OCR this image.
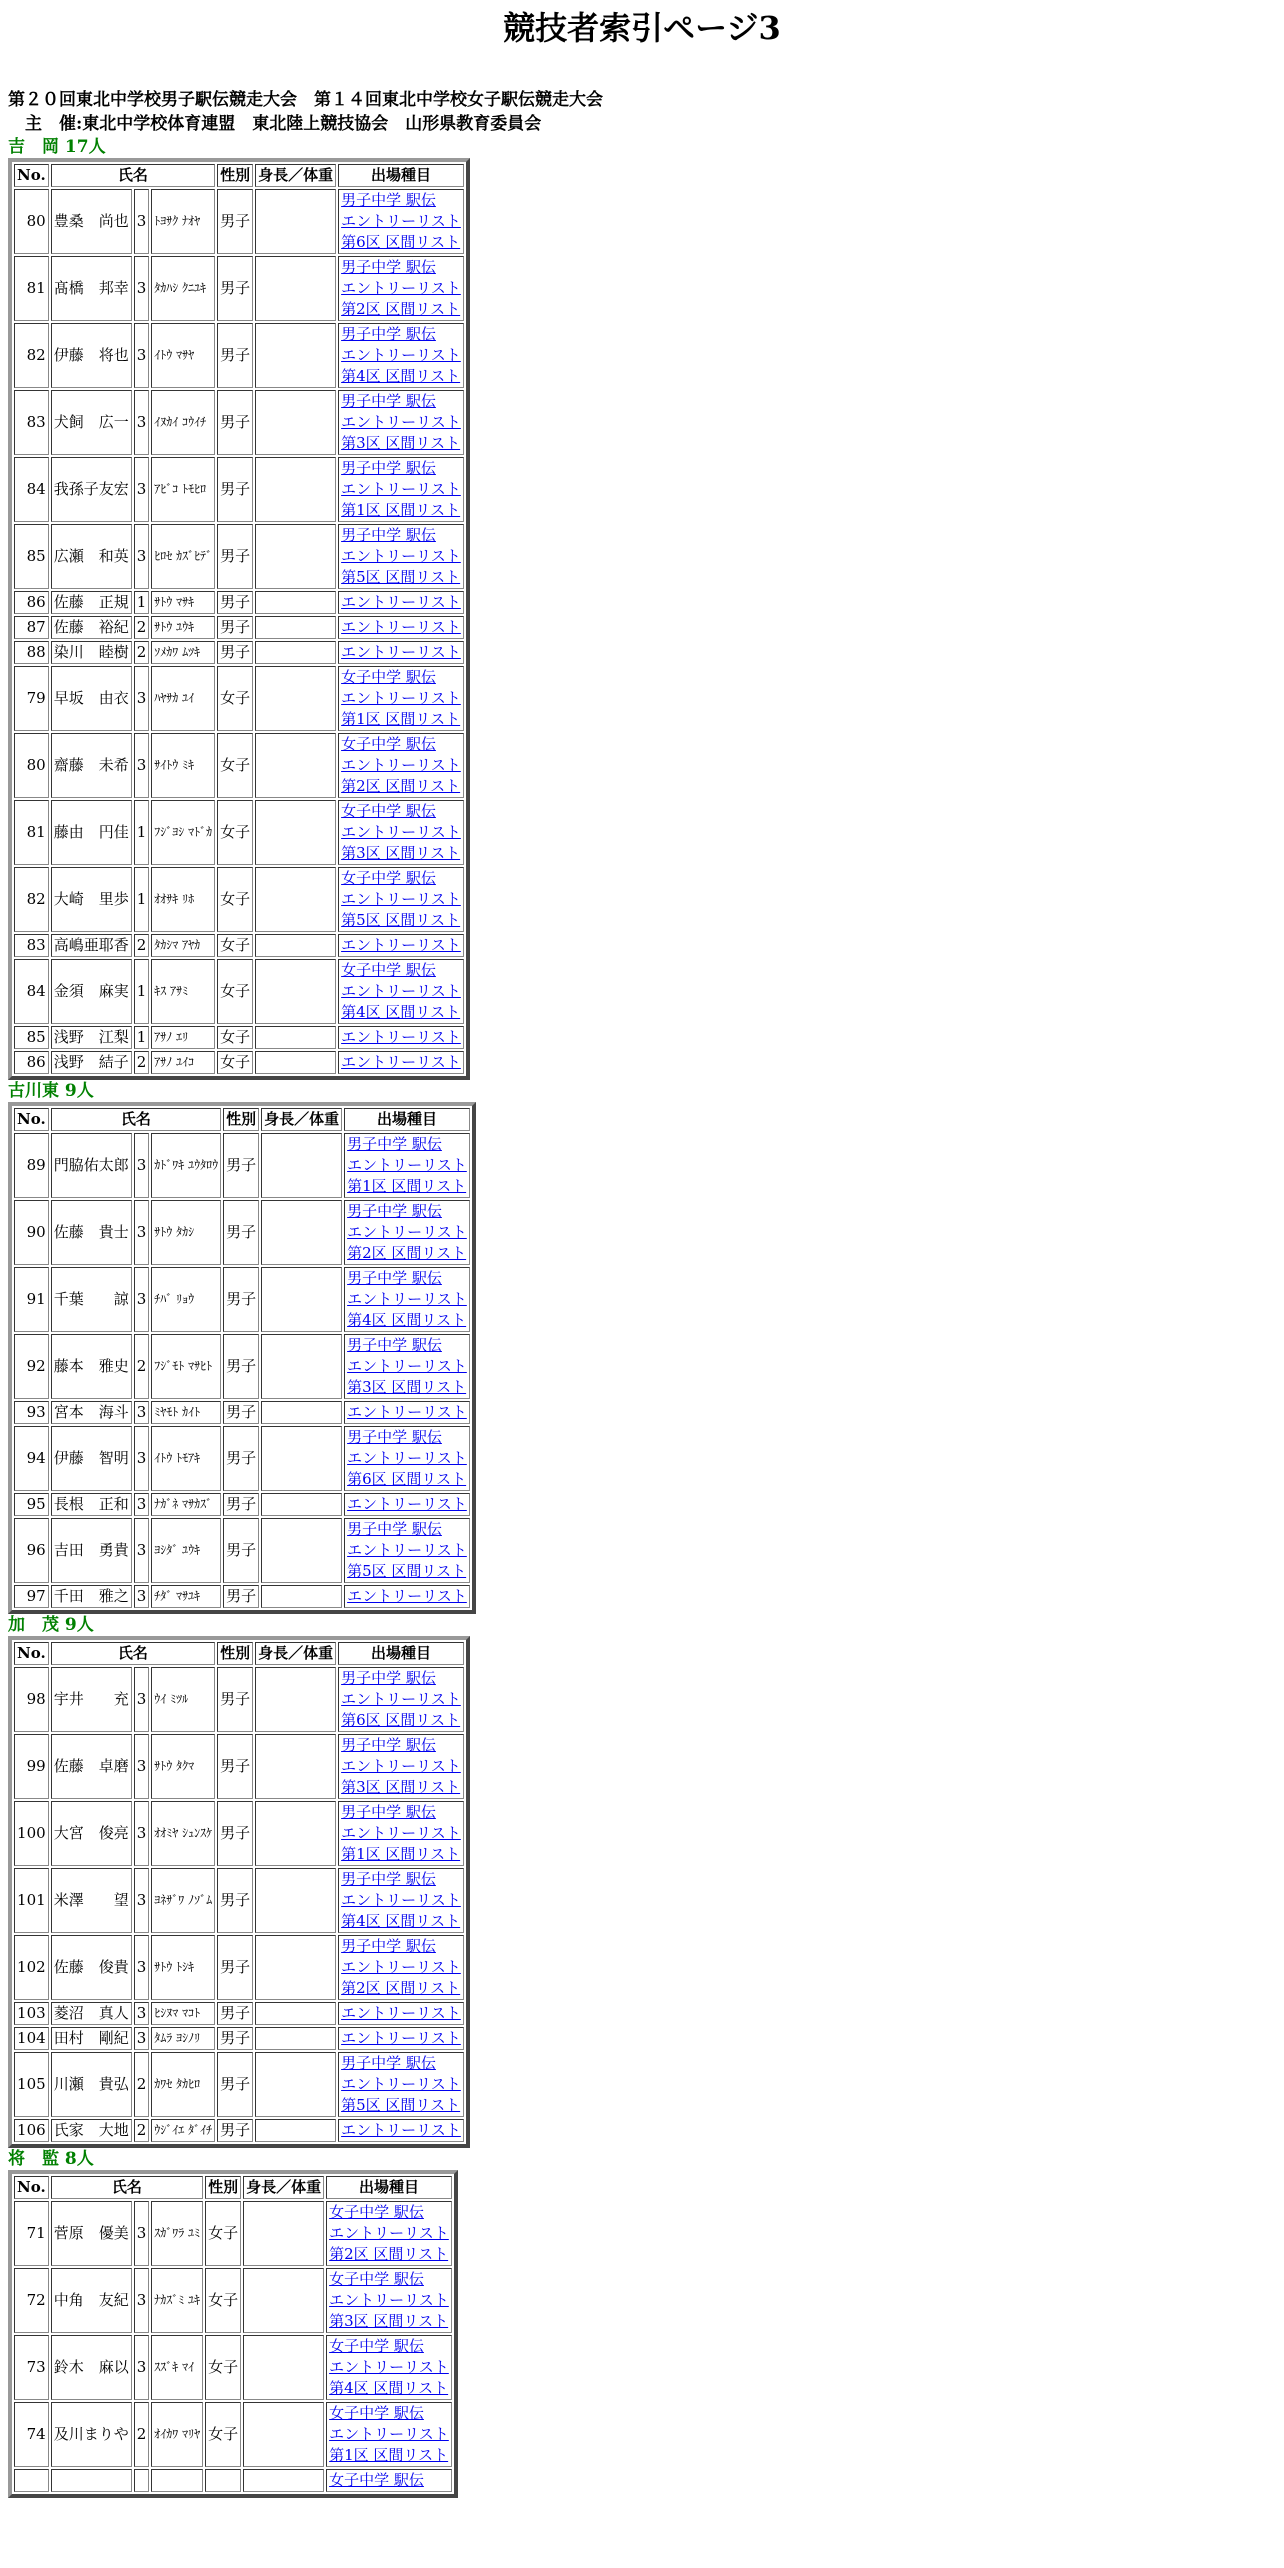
競技者索引ページ3
第２０回東北中学校男子駅伝競走大会　第１４回東北中学校女子駅伝競走大会
　主　催:東北中学校体育連盟　東北陸上競技協会　山形県教育委員会
吉　岡 17人
No.	氏名			性別	身長／体重	出場種目
80	豊桑　尚也	3	ﾄﾖｻｸ ﾅｵﾔ	男子		男子中学 駅伝
エントリーリスト
第6区 区間リスト

81	髙橋　邦幸	3	ﾀｶﾊｼ ｸﾆﾕｷ	男子		男子中学 駅伝
エントリーリスト
第2区 区間リスト

82	伊藤　将也	3	ｲﾄｳ ﾏｻﾔ	男子		男子中学 駅伝
エントリーリスト
第4区 区間リスト

83	犬飼　広一	3	ｲﾇｶｲ ｺｳｲﾁ	男子		男子中学 駅伝
エントリーリスト
第3区 区間リスト

84	我孫子友宏	3	ｱﾋﾞｺ ﾄﾓﾋﾛ	男子		男子中学 駅伝
エントリーリスト
第1区 区間リスト

85	広瀬　和英	3	ﾋﾛｾ ｶｽﾞﾋﾃﾞ	男子		男子中学 駅伝
エントリーリスト
第5区 区間リスト

86	佐藤　正規	1	ｻﾄｳ ﾏｻｷ	男子		エントリーリスト

87	佐藤　裕紀	2	ｻﾄｳ ﾕｳｷ	男子		エントリーリスト

88	染川　睦樹	2	ｿﾒｶﾜ ﾑﾂｷ	男子		エントリーリスト

79	早坂　由衣	3	ﾊﾔｻｶ ﾕｲ	女子		女子中学 駅伝
エントリーリスト
第1区 区間リスト

80	齋藤　未希	3	ｻｲﾄｳ ﾐｷ	女子		女子中学 駅伝
エントリーリスト
第2区 区間リスト

81	藤由　円佳	1	ﾌｼﾞﾖｼ ﾏﾄﾞｶ	女子		女子中学 駅伝
エントリーリスト
第3区 区間リスト

82	大崎　里歩	1	ｵｵｻｷ ﾘﾎ	女子		女子中学 駅伝
エントリーリスト
第5区 区間リスト

83	高嶋亜耶香	2	ﾀｶｼﾏ ｱﾔｶ	女子		エントリーリスト

84	金須　麻実	1	ｷｽ ｱｻﾐ	女子		女子中学 駅伝
エントリーリスト
第4区 区間リスト

85	浅野　江梨	1	ｱｻﾉ ｴﾘ	女子		エントリーリスト

86	浅野　結子	2	ｱｻﾉ ﾕｲｺ	女子		エントリーリスト
古川東 9人
No.	氏名			性別	身長／体重	出場種目
89	門脇佑太郎	3	ｶﾄﾞﾜｷ ﾕｳﾀﾛｳ	男子		男子中学 駅伝
エントリーリスト
第1区 区間リスト

90	佐藤　貴士	3	ｻﾄｳ ﾀｶｼ	男子		男子中学 駅伝
エントリーリスト
第2区 区間リスト

91	千葉　　諒	3	ﾁﾊﾞ ﾘｮｳ	男子		男子中学 駅伝
エントリーリスト
第4区 区間リスト

92	藤本　雅史	2	ﾌｼﾞﾓﾄ ﾏｻﾋﾄ	男子		男子中学 駅伝
エントリーリスト
第3区 区間リスト

93	宮本　海斗	3	ﾐﾔﾓﾄ ｶｲﾄ	男子		エントリーリスト

94	伊藤　智明	3	ｲﾄｳ ﾄﾓｱｷ	男子		男子中学 駅伝
エントリーリスト
第6区 区間リスト

95	長根　正和	3	ﾅｶﾞﾈ ﾏｻｶｽﾞ	男子		エントリーリスト

96	吉田　勇貴	3	ﾖｼﾀﾞ ﾕｳｷ	男子		男子中学 駅伝
エントリーリスト
第5区 区間リスト

97	千田　雅之	3	ﾁﾀﾞ ﾏｻﾕｷ	男子		エントリーリスト
加　茂 9人
No.	氏名			性別	身長／体重	出場種目
98	宇井　　充	3	ｳｲ ﾐﾂﾙ	男子		男子中学 駅伝
エントリーリスト
第6区 区間リスト

99	佐藤　卓磨	3	ｻﾄｳ ﾀｸﾏ	男子		男子中学 駅伝
エントリーリスト
第3区 区間リスト

100	大宮　俊亮	3	ｵｵﾐﾔ ｼｭﾝｽｹ	男子		男子中学 駅伝
エントリーリスト
第1区 区間リスト

101	米澤　　望	3	ﾖﾈｻﾞﾜ ﾉｿﾞﾑ	男子		男子中学 駅伝
エントリーリスト
第4区 区間リスト

102	佐藤　俊貴	3	ｻﾄｳ ﾄｼｷ	男子		男子中学 駅伝
エントリーリスト
第2区 区間リスト

103	菱沼　真人	3	ﾋｼﾇﾏ ﾏｺﾄ	男子		エントリーリスト

104	田村　剛紀	3	ﾀﾑﾗ ﾖｼﾉﾘ	男子		エントリーリスト

105	川瀬　貴弘	2	ｶﾜｾ ﾀｶﾋﾛ	男子		男子中学 駅伝
エントリーリスト
第5区 区間リスト

106	氏家　大地	2	ｳｼﾞｲｴ ﾀﾞｲﾁ	男子		エントリーリスト
将　監 8人
No.	氏名			性別	身長／体重	出場種目
71	菅原　優美	3	ｽｶﾞﾜﾗ ﾕﾐ	女子		女子中学 駅伝
エントリーリスト
第2区 区間リスト

72	中角　友紀	3	ﾅｶｽﾞﾐ ﾕｷ	女子		女子中学 駅伝
エントリーリスト
第3区 区間リスト

73	鈴木　麻以	3	ｽｽﾞｷ ﾏｲ	女子		女子中学 駅伝
エントリーリスト
第4区 区間リスト

74	及川まりや	2	ｵｲｶﾜ ﾏﾘﾔ	女子		女子中学 駅伝
エントリーリスト
第1区 区間リスト

						女子中学 駅伝
